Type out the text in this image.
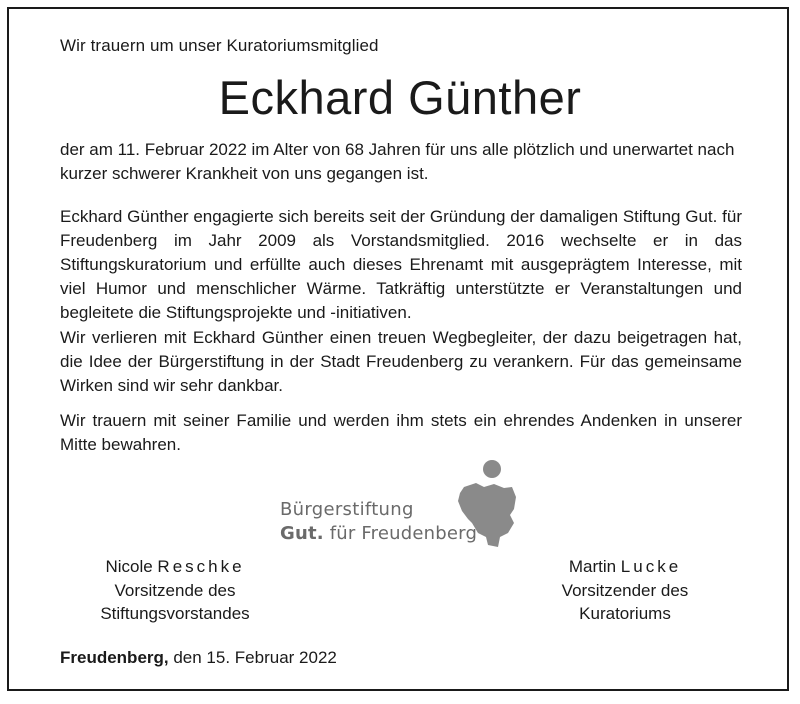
Wir trauern um unser Kuratoriumsmitglied
Eckhard Günther

der am 11. Februar 2022 im Alter von 68 Jahren für uns alle plötzlich und unerwartet nach kurzer schwerer Krankheit von uns gegangen ist.

Eckhard Günther engagierte sich bereits seit der Gründung der damaligen Stiftung Gut. für Freudenberg im Jahr 2009 als Vorstandsmitglied. 2016 wechselte er in das Stiftungskuratorium und erfüllte auch dieses Ehrenamt mit ausgeprägtem Interesse, mit viel Humor und menschlicher Wärme. Tatkräftig unterstützte er Veranstaltungen und begleitete die Stiftungsprojekte und -initiativen.

Wir verlieren mit Eckhard Günther einen treuen Wegbegleiter, der dazu beigetragen hat, die Idee der Bürgerstiftung in der Stadt Freudenberg zu verankern. Für das gemeinsame Wirken sind wir sehr dankbar.

Wir trauern mit seiner Familie und werden ihm stets ein ehrendes Andenken in unserer Mitte bewahren.

Bürgerstiftung
Gut. für Freudenberg
Nicole Reschke
Vorsitzende des
Stiftungsvorstandes
Martin Lucke
Vorsitzender des
Kuratoriums
Freudenberg, den 15. Februar 2022
